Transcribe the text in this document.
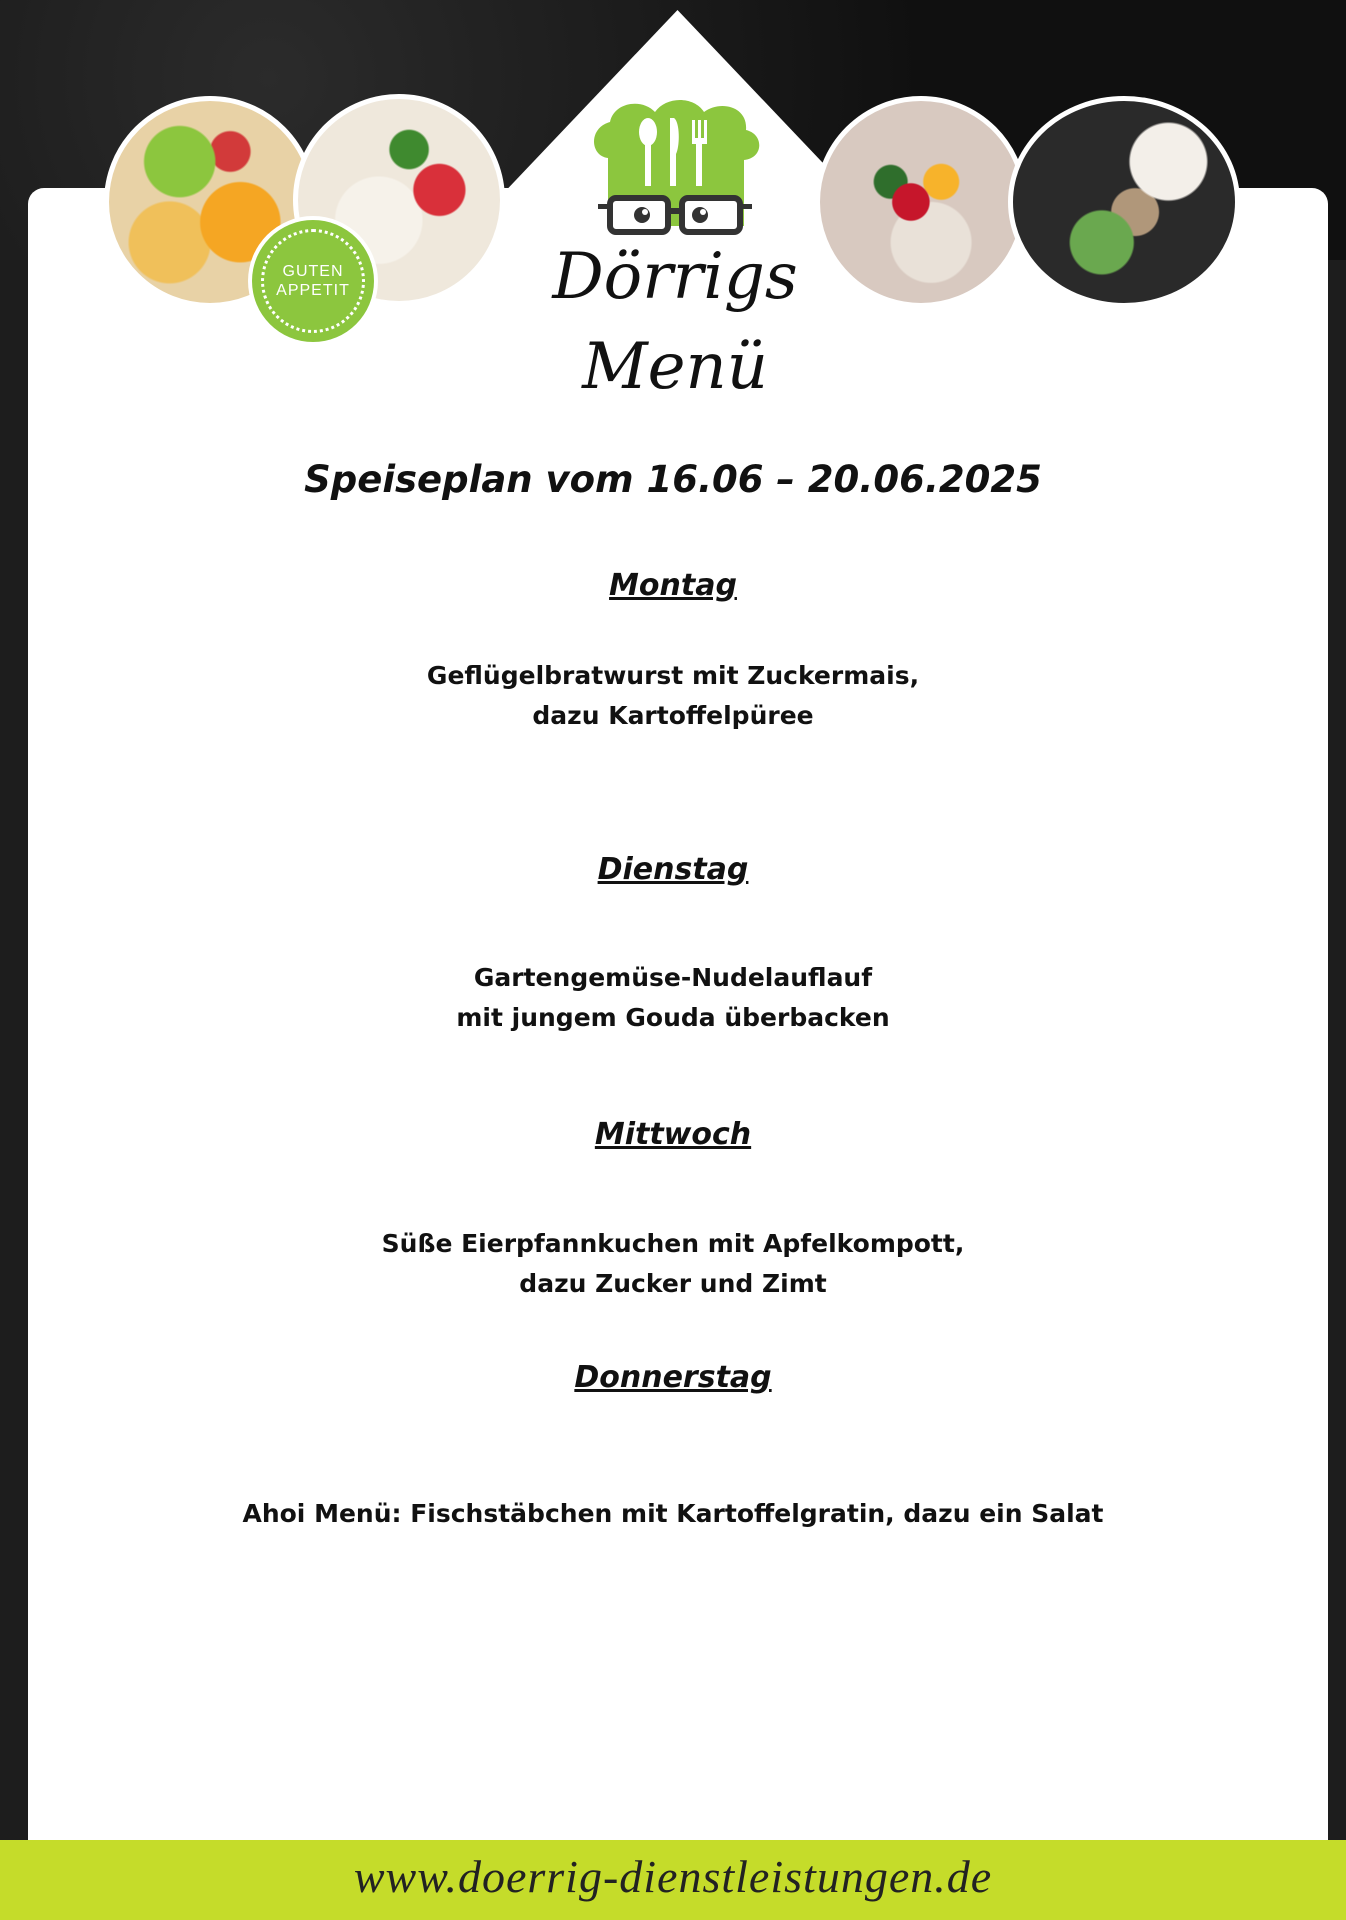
GUTEN
APPETIT	Dörrigs Menü
Speiseplan vom 16.06 – 20.06.2025
Montag
Geflügelbratwurst mit Zuckermais,
dazu Kartoffelpüree
Dienstag
Gartengemüse-Nudelauflauf
mit jungem Gouda überbacken
Mittwoch
Süße Eierpfannkuchen mit Apfelkompott,
dazu Zucker und Zimt
Donnerstag
Ahoi Menü: Fischstäbchen mit Kartoffelgratin, dazu ein Salat
www.doerrig-dienstleistungen.de
